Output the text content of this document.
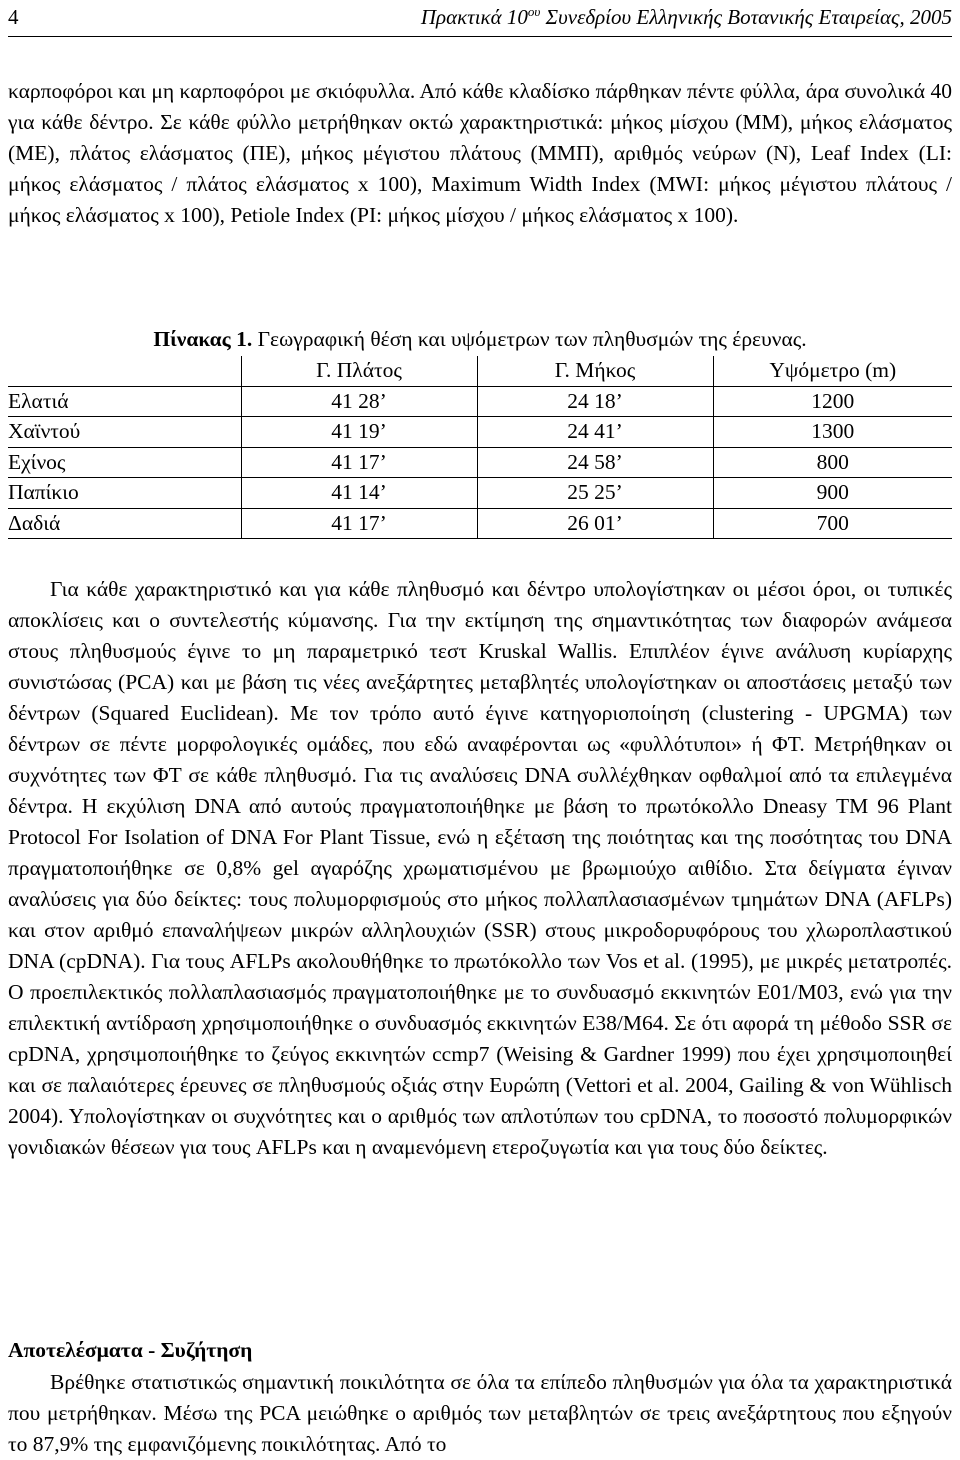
4	Πρακτικά $10^{o\upsilon}$ Συνεδρίου Ελληνικής Βοτανικής Εταιρείας, 2005

καρποφόροι και μη καρποφόροι με σκιόφυλλα. Από κάθε κλαδίσκο πάρθηκαν πέντε φύλλα, άρα συνολικά 40 για κάθε δέντρο. Σε κάθε φύλλο μετρήθηκαν οκτώ χαρακτηριστικά: μήκος μίσχου (ΜΜ), μήκος ελάσματος (ΜΕ), πλάτος ελάσματος (ΠΕ), μήκος μέγιστου πλάτους (ΜΜΠ), αριθμός νεύρων (Ν), Leaf Index (LI: μήκος ελάσματος / πλάτος ελάσματος x 100), Maximum Width Index (MWI: μήκος μέγιστου πλάτους / μήκος ελάσματος x 100), Petiole Index (PI: μήκος μίσχου / μήκος ελάσματος x 100).

Πίνακας 1. Γεωγραφική θέση και υψόμετρων των πληθυσμών της έρευνας.
	Γ. Πλάτος	Γ. Μήκος	Υψόμετρο (m)
Ελατιά	41 28’	24 18’	1200
Χαϊντού	41 19’	24 41’	1300
Εχίνος	41 17’	24 58’	800
Παπίκιο	41 14’	25 25’	900
Δαδιά	41 17’	26 01’	700

Για κάθε χαρακτηριστικό και για κάθε πληθυσμό και δέντρο υπολογίστηκαν οι μέσοι όροι, οι τυπικές αποκλίσεις και ο συντελεστής κύμανσης. Για την εκτίμηση της σημαντικότητας των διαφορών ανάμεσα στους πληθυσμούς έγινε το μη παραμετρικό τεστ Kruskal Wallis. Επιπλέον έγινε ανάλυση κυρίαρχης συνιστώσας (PCA) και με βάση τις νέες ανεξάρτητες μεταβλητές υπολογίστηκαν οι αποστάσεις μεταξύ των δέντρων (Squared Euclidean). Με τον τρόπο αυτό έγινε κατηγοριοποίηση (clustering - UPGMA) των δέντρων σε πέντε μορφολογικές ομάδες, που εδώ αναφέρονται ως «φυλλότυποι» ή ΦΤ. Μετρήθηκαν οι συχνότητες των ΦΤ σε κάθε πληθυσμό. Για τις αναλύσεις DNA συλλέχθηκαν οφθαλμοί από τα επιλεγμένα δέντρα. Η εκχύλιση DNA από αυτούς πραγματοποιήθηκε με βάση το πρωτόκολλο Dneasy TM 96 Plant Protocol For Isolation of DNA For Plant Tissue, ενώ η εξέταση της ποιότητας και της ποσότητας του DNA πραγματοποιήθηκε σε 0,8% gel αγαρόζης χρωματισμένου με βρωμιούχο αιθίδιο. Στα δείγματα έγιναν αναλύσεις για δύο δείκτες: τους πολυμορφισμούς στο μήκος πολλαπλασιασμένων τμημάτων DNA (AFLPs) και στον αριθμό επαναλήψεων μικρών αλληλουχιών (SSR) στους μικροδορυφόρους του χλωροπλαστικού DNA (cpDNA). Για τους AFLPs ακολουθήθηκε το πρωτόκολλο των Vos et al. (1995), με μικρές μετατροπές. Ο προεπιλεκτικός πολλαπλασιασμός πραγματοποιήθηκε με το συνδυασμό εκκινητών E01/M03, ενώ για την επιλεκτική αντίδραση χρησιμοποιήθηκε ο συνδυασμός εκκινητών E38/M64. Σε ότι αφορά τη μέθοδο SSR σε cpDNA, χρησιμοποιήθηκε το ζεύγος εκκινητών ccmp7 (Weising & Gardner 1999) που έχει χρησιμοποιηθεί και σε παλαιότερες έρευνες σε πληθυσμούς οξιάς στην Ευρώπη (Vettori et al. 2004, Gailing & von Wühlisch 2004). Υπολογίστηκαν οι συχνότητες και ο αριθμός των απλοτύπων του cpDNA, το ποσοστό πολυμορφικών γονιδιακών θέσεων για τους AFLPs και η αναμενόμενη ετεροζυγωτία και για τους δύο δείκτες.

Αποτελέσματα - Συζήτηση

Βρέθηκε στατιστικώς σημαντική ποικιλότητα σε όλα τα επίπεδο πληθυσμών για όλα τα χαρακτηριστικά που μετρήθηκαν. Μέσω της PCA μειώθηκε ο αριθμός των μεταβλητών σε τρεις ανεξάρτητους που εξηγούν το 87,9% της εμφανιζόμενης ποικιλότητας. Από το
